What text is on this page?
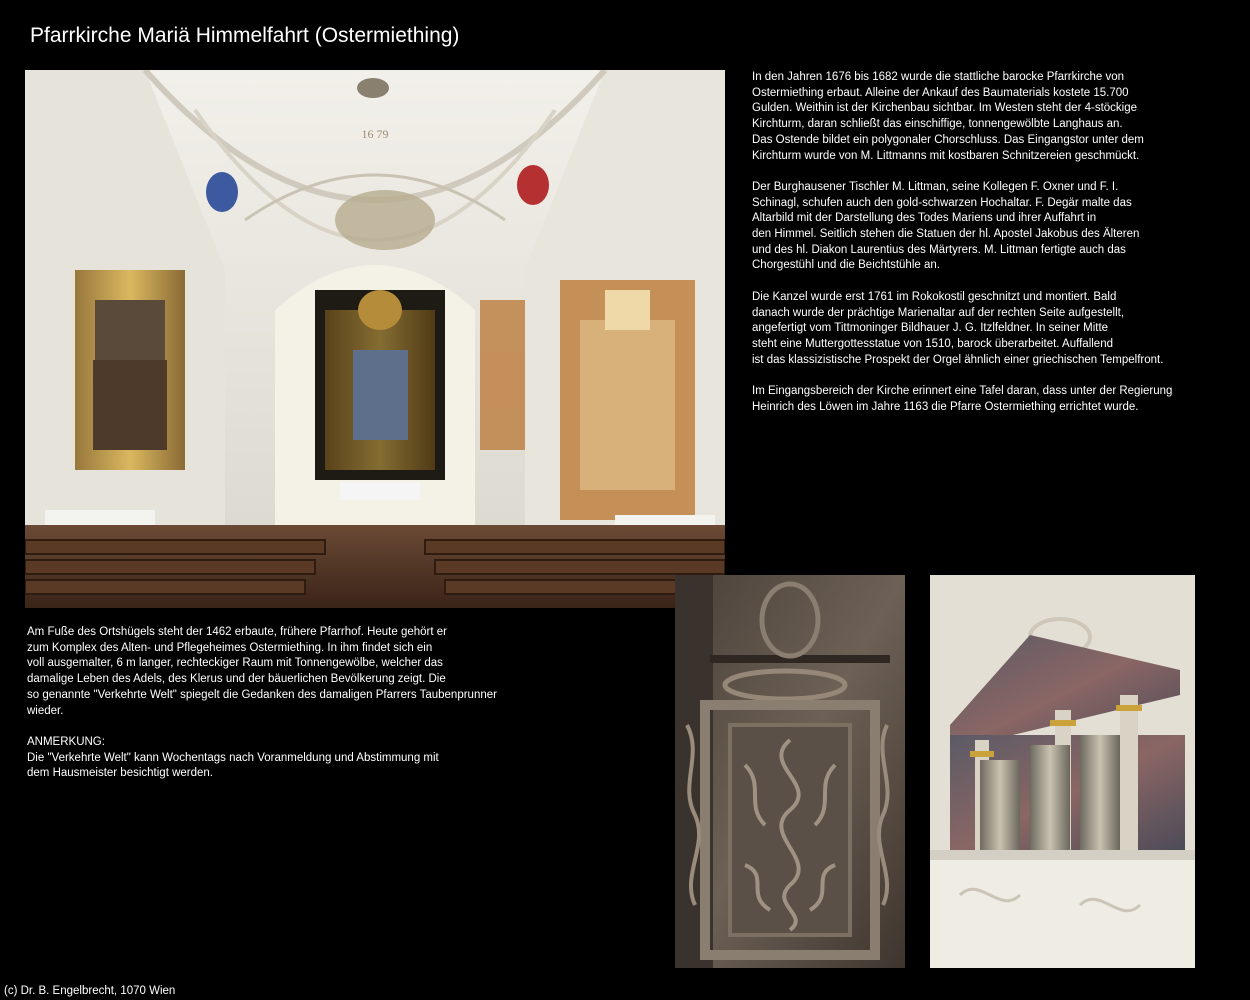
Pfarrkirche Mariä Himmelfahrt (Ostermiething)
16 79

In den Jahren 1676 bis 1682 wurde die stattliche barocke Pfarrkirche von
Ostermiething erbaut. Alleine der Ankauf des Baumaterials kostete 15.700
Gulden. Weithin ist der Kirchenbau sichtbar. Im Westen steht der 4-stöckige
Kirchturm, daran schließt das einschiffige, tonnengewölbte Langhaus an.
Das Ostende bildet ein polygonaler Chorschluss. Das Eingangstor unter dem
Kirchturm wurde von M. Littmanns mit kostbaren Schnitzereien geschmückt.

Der Burghausener Tischler M. Littman, seine Kollegen F. Oxner und F. I.
Schinagl, schufen auch den gold-schwarzen Hochaltar. F. Degär malte das
Altarbild mit der Darstellung des Todes Mariens und ihrer Auffahrt in
den Himmel. Seitlich stehen die Statuen der hl. Apostel Jakobus des Älteren
und des hl. Diakon Laurentius des Märtyrers. M. Littman fertigte auch das
Chorgestühl und die Beichtstühle an.

Die Kanzel wurde erst 1761 im Rokokostil geschnitzt und montiert. Bald
danach wurde der prächtige Marienaltar auf der rechten Seite aufgestellt,
angefertigt vom Tittmoninger Bildhauer J. G. Itzlfeldner. In seiner Mitte
steht eine Muttergottesstatue von 1510, barock überarbeitet. Auffallend
ist das klassizistische Prospekt der Orgel ähnlich einer griechischen Tempelfront.

Im Eingangsbereich der Kirche erinnert eine Tafel daran, dass unter der Regierung
Heinrich des Löwen im Jahre 1163 die Pfarre Ostermiething errichtet wurde.

Am Fuße des Ortshügels steht der 1462 erbaute, frühere Pfarrhof. Heute gehört er
zum Komplex des Alten- und Pflegeheimes Ostermiething. In ihm findet sich ein
voll ausgemalter, 6 m langer, rechteckiger Raum mit Tonnengewölbe, welcher das
damalige Leben des Adels, des Klerus und der bäuerlichen Bevölkerung zeigt. Die
so genannte "Verkehrte Welt" spiegelt die Gedanken des damaligen Pfarrers Taubenprunner
wieder.

ANMERKUNG:
Die "Verkehrte Welt" kann Wochentags nach Voranmeldung und Abstimmung mit
dem Hausmeister besichtigt werden.

(c) Dr. B. Engelbrecht, 1070 Wien
